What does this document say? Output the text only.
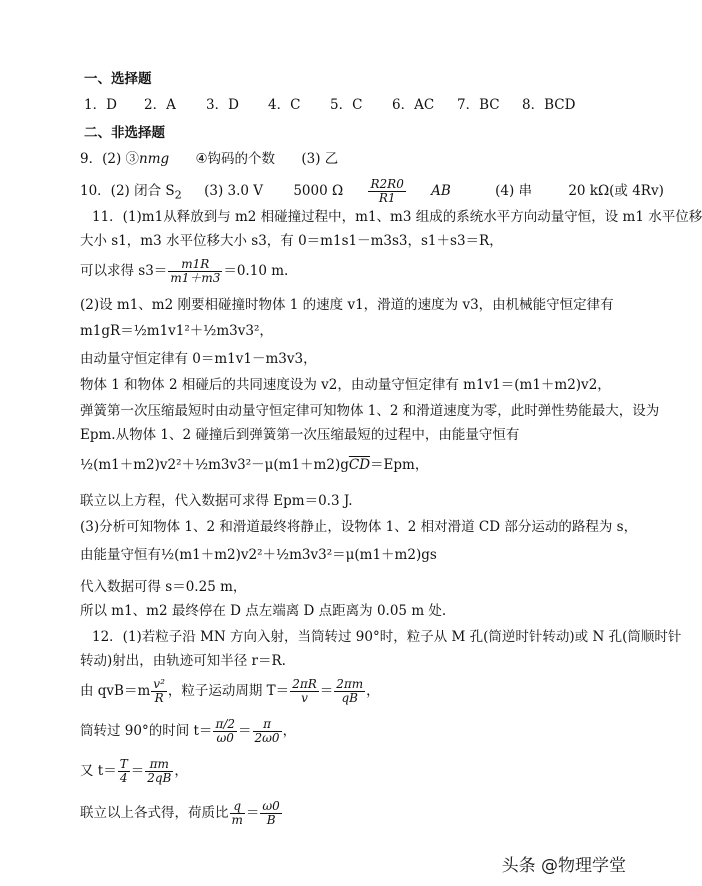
一、选择题
1．D 2．A 3．D 4．C 5．C 6．AC 7．BC 8．BCD
二、非选择题
9．(2) ③nmg ④钩码的个数 (3) 乙
10．(2) 闭合 $S_2$ (3) 3.0 V 5000 Ω $\frac{R2R0}{R1}$ AB	(4) 串	20 kΩ(或 4Rv)
11．(1)m1从释放到与 m2 相碰撞过程中，m1、m3 组成的系统水平方向动量守恒，设 m1 水平位移
大小 s1，m3 水平位移大小 s3，有 0＝m1s1－m3s3，s1＋s3＝R，
可以求得 $s3= \frac{m1R}{m1+m3} =0.10$ m.
(2)设 m1、m2 刚要相碰撞时物体 1 的速度 v1，滑道的速度为 v3，由机械能守恒定律有
m1gR＝½m1v1²＋½m3v3²，
由动量守恒定律有 0＝m1v1－m3v3，
物体 1 和物体 2 相碰后的共同速度设为 v2，由动量守恒定律有 m1v1＝(m1＋m2)v2，
弹簧第一次压缩最短时由动量守恒定律可知物体 1、2 和滑道速度为零，此时弹性势能最大，设为
Epm.从物体 1、2 碰撞后到弹簧第一次压缩最短的过程中，由能量守恒有
$\frac{1}{2}(m1+m2)v2^2+\frac{1}{2}m3v3^2-\mu(m1+m2)g\overline{CD}=Epm$，
联立以上方程，代入数据可求得 Epm＝0.3 J.
(3)分析可知物体 1、2 和滑道最终将静止，设物体 1、2 相对滑道 CD 部分运动的路程为 s，
由能量守恒有½(m1＋m2)v2²＋½m3v3²＝μ(m1＋m2)gs
代入数据可得 s＝0.25 m，
所以 m1、m2 最终停在 D 点左端离 D 点距离为 0.05 m 处.
12．(1)若粒子沿 MN 方向入射，当筒转过 90°时，粒子从 M 孔(筒逆时针转动)或 N 孔(筒顺时针
转动)射出，由轨迹可知半径 r＝R.
由 $qvB=m \frac{\text{v²}}{R}$ ，粒子运动周期 $T= \frac{2\pi R}{v} = \frac{2\pi m}{qB}$ ，
筒转过 90°的时间 $t= \frac{\pi/2}{\omega 0} = \frac{\pi}{2\omega 0}$ ，
又 $t= \frac{T}{4} = \frac{\pi m}{2qB}$ ，
联立以上各式得，荷质比 $\frac{q}{m} = \frac{\omega 0}{B}$
头条 @物理学堂
